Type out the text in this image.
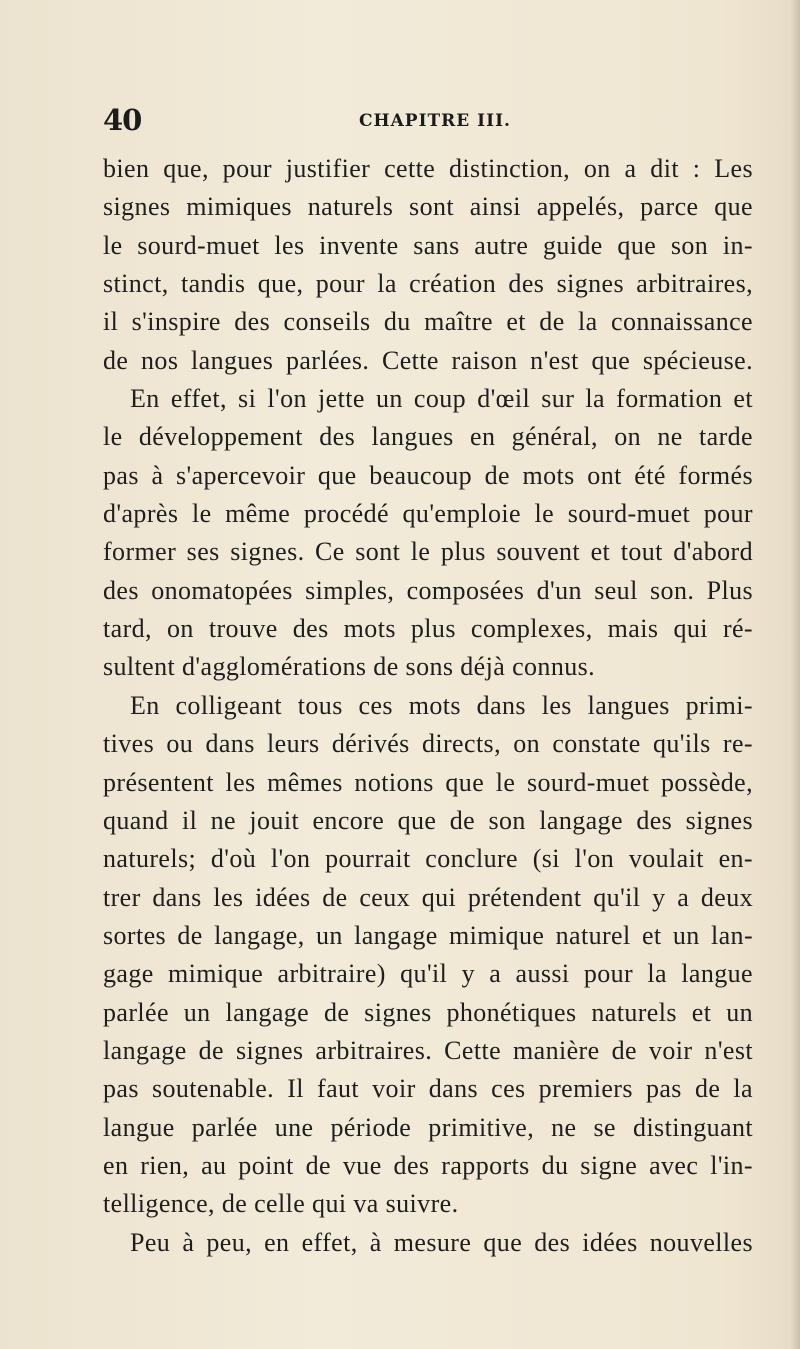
40	CHAPITRE III.
bien que, pour justifier cette distinction, on a dit : Les
signes mimiques naturels sont ainsi appelés, parce que
le sourd-muet les invente sans autre guide que son in-
stinct, tandis que, pour la création des signes arbitraires,
il s'inspire des conseils du maître et de la connaissance
de nos langues parlées. Cette raison n'est que spécieuse.
En effet, si l'on jette un coup d'œil sur la formation et
le développement des langues en général, on ne tarde
pas à s'apercevoir que beaucoup de mots ont été formés
d'après le même procédé qu'emploie le sourd-muet pour
former ses signes. Ce sont le plus souvent et tout d'abord
des onomatopées simples, composées d'un seul son. Plus
tard, on trouve des mots plus complexes, mais qui ré-
sultent d'agglomérations de sons déjà connus.
En colligeant tous ces mots dans les langues primi-
tives ou dans leurs dérivés directs, on constate qu'ils re-
présentent les mêmes notions que le sourd-muet possède,
quand il ne jouit encore que de son langage des signes
naturels; d'où l'on pourrait conclure (si l'on voulait en-
trer dans les idées de ceux qui prétendent qu'il y a deux
sortes de langage, un langage mimique naturel et un lan-
gage mimique arbitraire) qu'il y a aussi pour la langue
parlée un langage de signes phonétiques naturels et un
langage de signes arbitraires. Cette manière de voir n'est
pas soutenable. Il faut voir dans ces premiers pas de la
langue parlée une période primitive, ne se distinguant
en rien, au point de vue des rapports du signe avec l'in-
telligence, de celle qui va suivre.
Peu à peu, en effet, à mesure que des idées nouvelles
